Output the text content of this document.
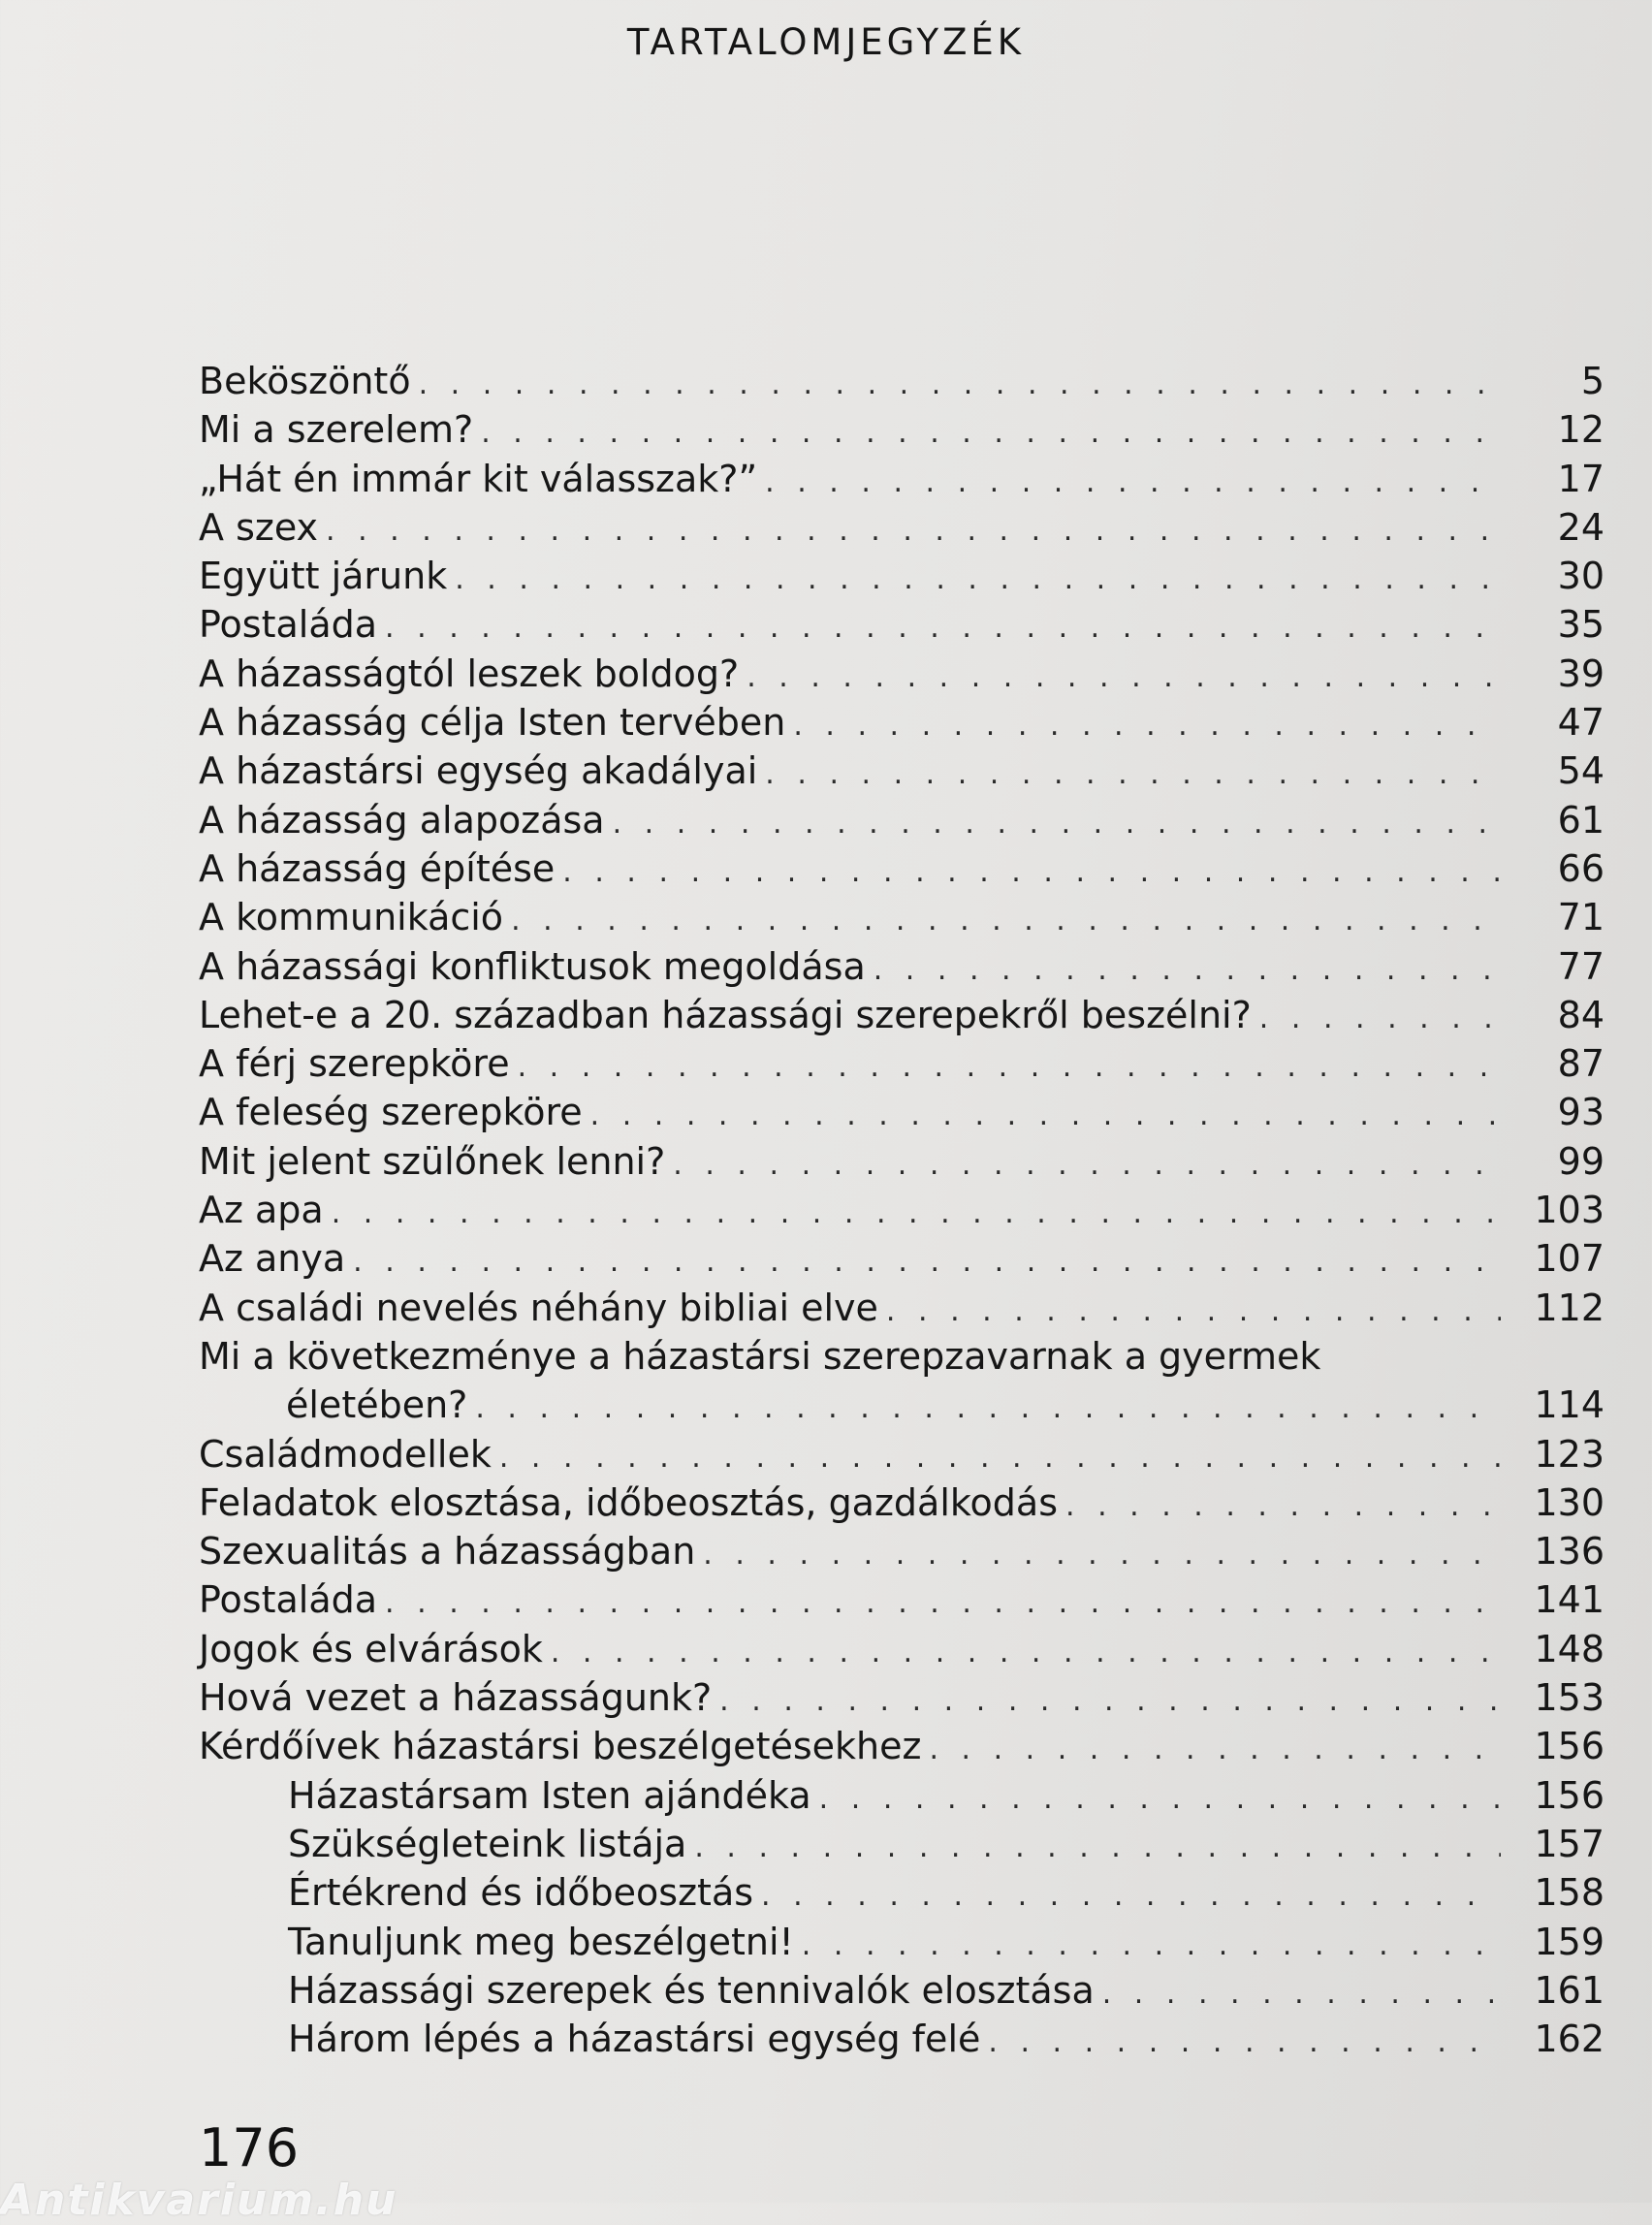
TARTALOMJEGYZÉK
Beköszöntő . . .	5
Mi a szerelem? . . .	12
„Hát én immár kit válasszak?” . . .	17
A szex . . .	24
Együtt járunk . . .	30
Postaláda . . .	35
A házasságtól leszek boldog? . . .	39
A házasság célja Isten tervében . . .	47
A házastársi egység akadályai . . .	54
A házasság alapozása . . .	61
A házasság építése . . .	66
A kommunikáció . . .	71
A házassági konfliktusok megoldása . . .	77
Lehet-e a 20. században házassági szerepekről beszélni? . . .	84
A férj szerepköre . . .	87
A feleség szerepköre . . .	93
Mit jelent szülőnek lenni? . . .	99
Az apa . . .	103
Az anya . . .	107
A családi nevelés néhány bibliai elve . . .	112
Mi a következménye a házastársi szerepzavarnak a gyermek
életében? . . .	114
Családmodellek . . .	123
Feladatok elosztása, időbeosztás, gazdálkodás . . .	130
Szexualitás a házasságban . . .	136
Postaláda . . .	141
Jogok és elvárások . . .	148
Hová vezet a házasságunk? . . .	153
Kérdőívek házastársi beszélgetésekhez . . .	156
Házastársam Isten ajándéka . . .	156
Szükségleteink listája . . .	157
Értékrend és időbeosztás . . .	158
Tanuljunk meg beszélgetni! . . .	159
Házassági szerepek és tennivalók elosztása . . .	161
Három lépés a házastársi egység felé . . .	162
176
Antikvarium.hu
